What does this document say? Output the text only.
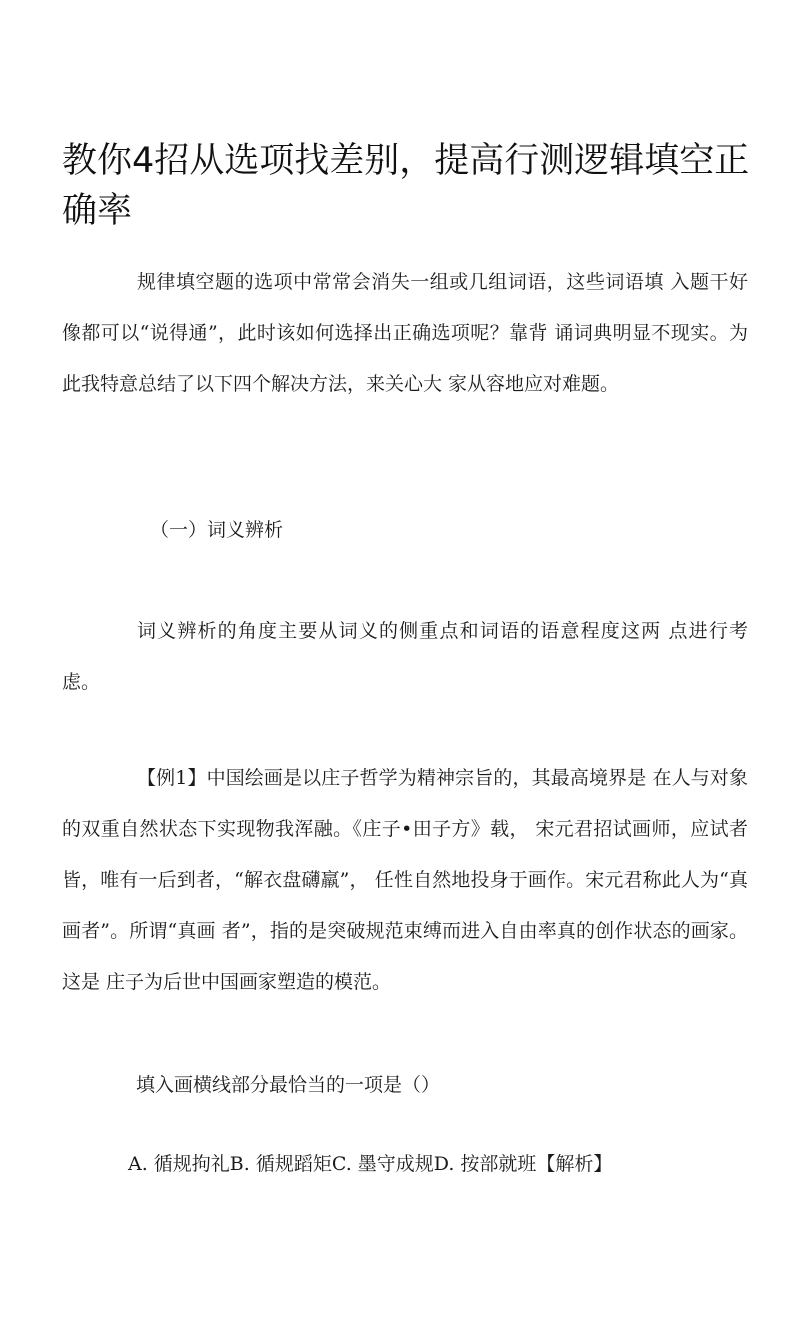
教你4招从选项找差别，提高行测逻辑填空正确率

规律填空题的选项中常常会消失一组或几组词语，这些词语填 入题干好像都可以“说得通”，此时该如何选择出正确选项呢？靠背 诵词典明显不现实。为此我特意总结了以下四个解决方法，来关心大 家从容地应对难题。

（一）词义辨析

词义辨析的角度主要从词义的侧重点和词语的语意程度这两 点进行考虑。

【例1】中国绘画是以庄子哲学为精神宗旨的，其最高境界是 在人与对象的双重自然状态下实现物我浑融。《庄子•田子方》载， 宋元君招试画师，应试者皆，唯有一后到者，“解衣盘礴羸”， 任性自然地投身于画作。宋元君称此人为“真画者”。所谓“真画 者”，指的是突破规范束缚而进入自由率真的创作状态的画家。这是 庄子为后世中国画家塑造的模范。

填入画横线部分最恰当的一项是（）

A. 循规拘礼B. 循规蹈矩C. 墨守成规D. 按部就班【解析】
